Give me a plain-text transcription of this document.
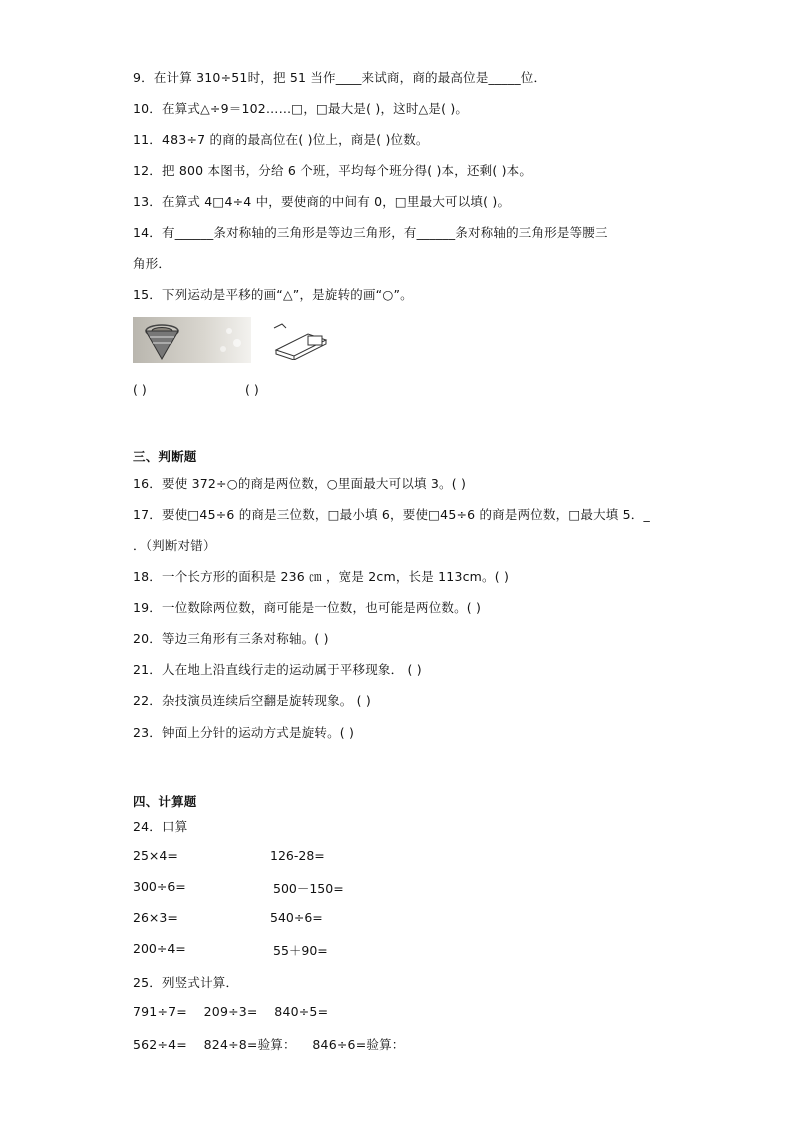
9．在计算 310÷51时，把 51 当作____来试商，商的最高位是_____位．
10．在算式△÷9＝102……□，□最大是( )，这时△是( )。
11．483÷7 的商的最高位在( )位上，商是( )位数。
12．把 800 本图书，分给 6 个班，平均每个班分得( )本，还剩( )本。
13．在算式 4□4÷4 中，要使商的中间有 0，□里最大可以填( )。
14．有______条对称轴的三角形是等边三角形，有______条对称轴的三角形是等腰三
角形．
15．下列运动是平移的画“△”，是旋转的画“○”。
( )	( )
三、判断题
16．要使 372÷○的商是两位数，○里面最大可以填 3。( )
17．要使□45÷6 的商是三位数，□最小填 6，要使□45÷6 的商是两位数，□最大填 5．_
．（判断对错）
18．一个长方形的面积是 236 ㎝ ，宽是 2cm，长是 113cm。( )
19．一位数除两位数，商可能是一位数，也可能是两位数。( )
20．等边三角形有三条对称轴。( )
21．人在地上沿直线行走的运动属于平移现象． ( )
22．杂技演员连续后空翻是旋转现象。 ( )
23．钟面上分针的运动方式是旋转。( )
四、计算题
24．口算
25×4=	126-28=
300÷6=	500－150=
26×3=	540÷6=
200÷4=	55＋90=
25．列竖式计算．
791÷7=    209÷3=    840÷5=
562÷4=    824÷8=验算：    846÷6=验算：
